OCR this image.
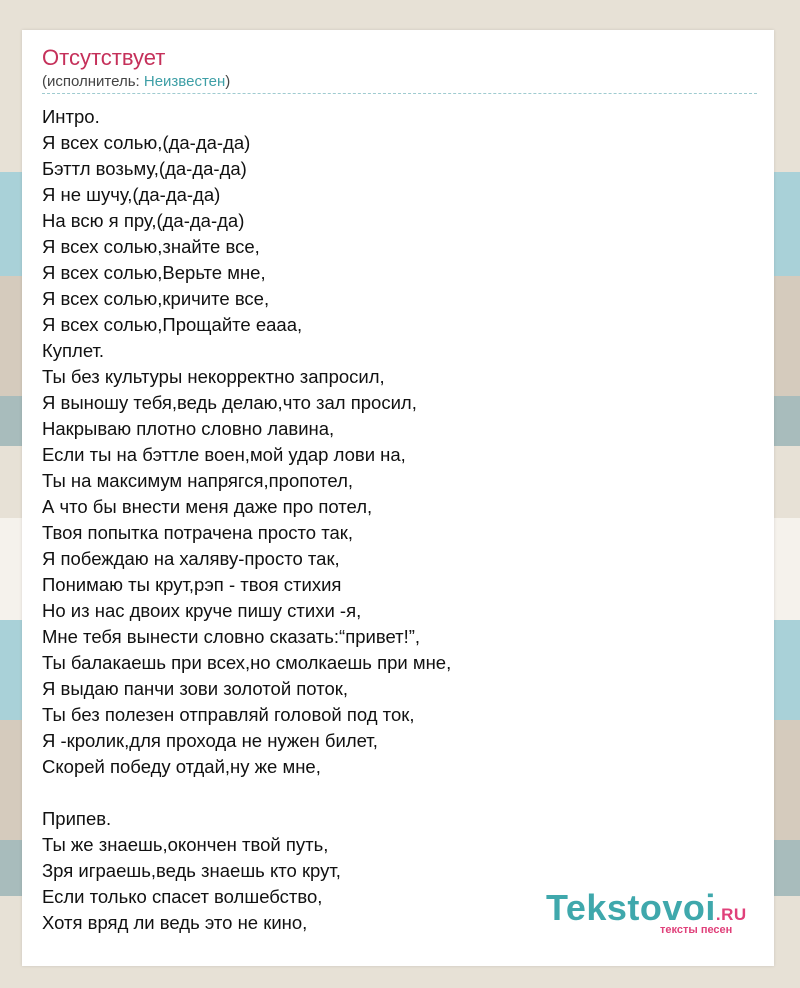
Отсутствует
(исполнитель: Неизвестен)
Интро.
Я всех солью,(да-да-да)
Бэттл возьму,(да-да-да)
Я не шучу,(да-да-да)
На всю я пру,(да-да-да)
Я всех солью,знайте все,
Я всех солью,Верьте мне,
Я всех солью,кричите все,
Я всех солью,Прощайте еааа,
Куплет.
Ты без культуры некорректно запросил,
Я выношу тебя,ведь делаю,что зал просил,
Накрываю плотно словно лавина,
Если ты на бэттле воен,мой удар лови на,
Ты на максимум напрягся,пропотел,
А что бы внести меня даже про потел,
Твоя попытка потрачена просто так,
Я побеждаю на халяву-просто так,
Понимаю ты крут,рэп - твоя стихия
Но из нас двоих круче пишу стихи -я,
Мне тебя вынести словно сказать:“привет!”,
Ты балакаешь при всех,но смолкаешь при мне,
Я выдаю панчи зови золотой поток,
Ты без полезен отправляй головой под ток,
Я -кролик,для прохода не нужен билет,
Скорей победу отдай,ну же мне,
Припев.
Ты же знаешь,окончен твой путь,
Зря играешь,ведь знаешь кто крут,
Если только спасет волшебство,
Хотя вряд ли ведь это не кино,	Tekstovoi.RU
тексты песен
